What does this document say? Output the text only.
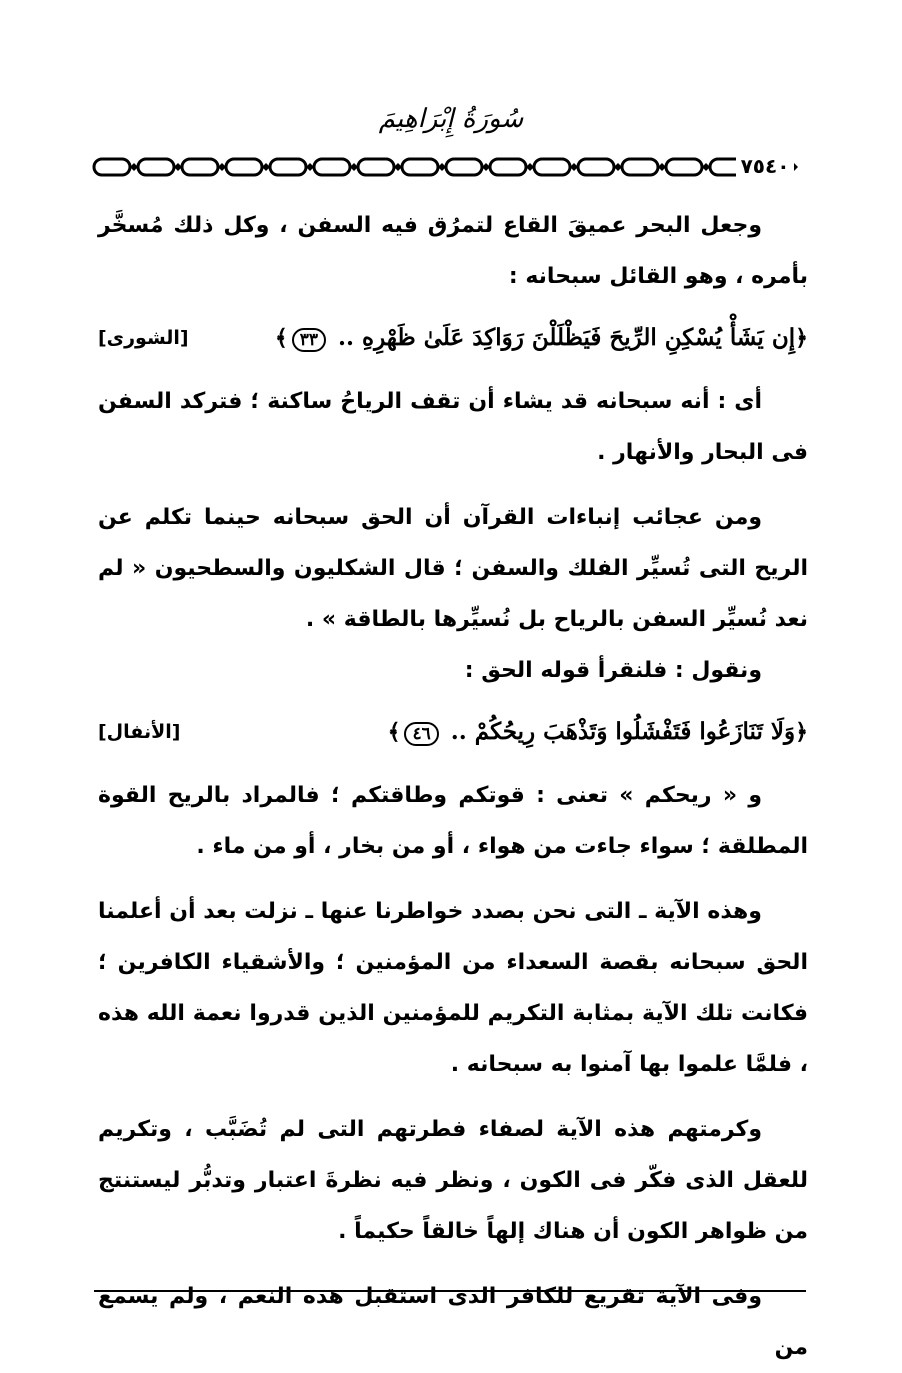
سُورَةُ إِبْرَاهِيمَ
٧٥٤٠

وجعل البحر عميقَ القاع لتمرُق فيه السفن ، وكل ذلك مُسخَّر بأمره ، وهو القائل سبحانه :

﴿إِن يَشَأْ يُسْكِنِ الرِّيحَ فَيَظْلَلْنَ رَوَاكِدَ عَلَىٰ ظَهْرِهِ .. ٣٣﴾
[الشورى]

أى : أنه سبحانه قد يشاء أن تقف الرياحُ ساكنة ؛ فتركد السفن فى البحار والأنهار .

ومن عجائب إنباءات القرآن أن الحق سبحانه حينما تكلم عن الريح التى تُسيِّر الفلك والسفن ؛ قال الشكليون والسطحيون « لم نعد نُسيِّر السفن بالرياح بل نُسيِّرها بالطاقة » .

ونقول : فلنقرأ قوله الحق :

﴿وَلَا تَنَازَعُوا فَتَفْشَلُوا وَتَذْهَبَ رِيحُكُمْ .. ٤٦﴾
[الأنفال]

و « ريحكم » تعنى : قوتكم وطاقتكم ؛ فالمراد بالريح القوة المطلقة ؛ سواء جاءت من هواء ، أو من بخار ، أو من ماء .

وهذه الآية ـ التى نحن بصدد خواطرنا عنها ـ نزلت بعد أن أعلمنا الحق سبحانه بقصة السعداء من المؤمنين ؛ والأشقياء الكافرين ؛ فكانت تلك الآية بمثابة التكريم للمؤمنين الذين قدروا نعمة الله هذه ، فلمَّا علموا بها آمنوا به سبحانه .

وكرمتهم هذه الآية لصفاء فطرتهم التى لم تُضَبَّب ، وتكريم للعقل الذى فكّر فى الكون ، ونظر فيه نظرةَ اعتبار وتدبُّر ليستنتج من ظواهر الكون أن هناك إلهاً خالقاً حكيماً .

وفى الآية تقريع للكافر الذى استقبل هذه النعم ، ولم يسمع من
